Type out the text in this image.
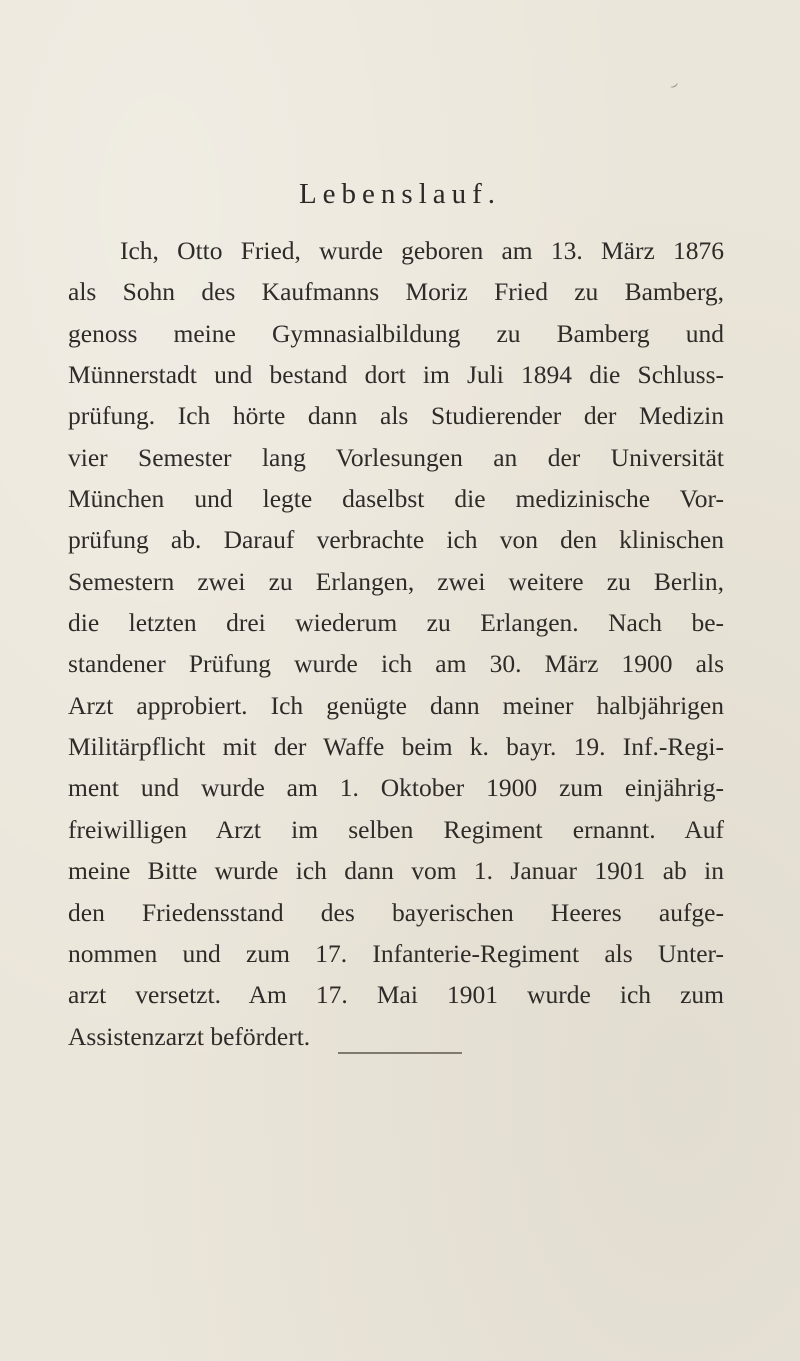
⌣
Lebenslauf.
Ich, Otto Fried, wurde geboren am 13. März 1876
als Sohn des Kaufmanns Moriz Fried zu Bamberg,
genoss meine Gymnasialbildung zu Bamberg und
Münnerstadt und bestand dort im Juli 1894 die Schluss-
prüfung. Ich hörte dann als Studierender der Medizin
vier Semester lang Vorlesungen an der Universität
München und legte daselbst die medizinische Vor-
prüfung ab. Darauf verbrachte ich von den klinischen
Semestern zwei zu Erlangen, zwei weitere zu Berlin,
die letzten drei wiederum zu Erlangen. Nach be-
standener Prüfung wurde ich am 30. März 1900 als
Arzt approbiert. Ich genügte dann meiner halbjährigen
Militärpflicht mit der Waffe beim k. bayr. 19. Inf.-Regi-
ment und wurde am 1. Oktober 1900 zum einjährig-
freiwilligen Arzt im selben Regiment ernannt. Auf
meine Bitte wurde ich dann vom 1. Januar 1901 ab in
den Friedensstand des bayerischen Heeres aufge-
nommen und zum 17. Infanterie-Regiment als Unter-
arzt versetzt. Am 17. Mai 1901 wurde ich zum
Assistenzarzt befördert.
